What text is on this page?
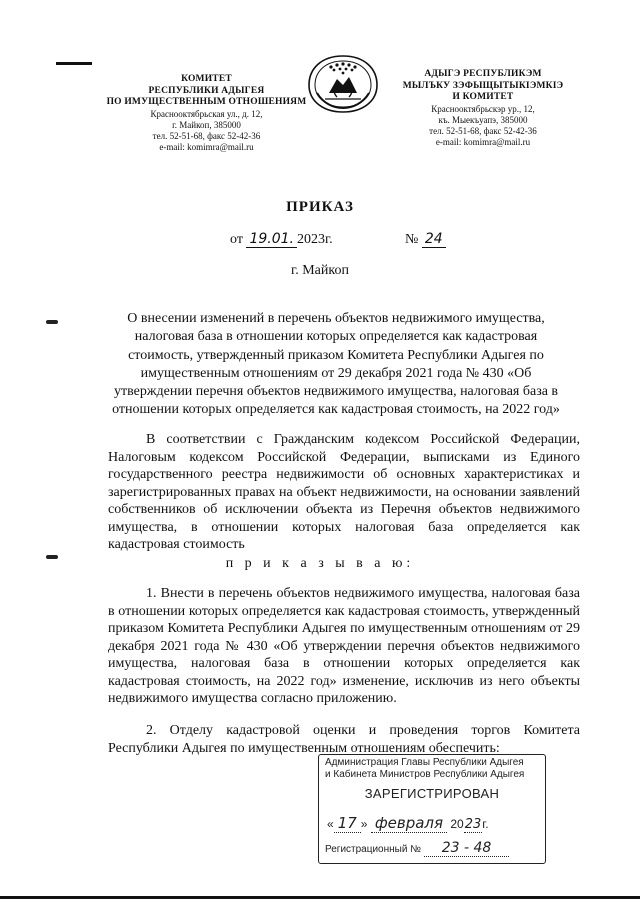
КОМИТЕТ
РЕСПУБЛИКИ АДЫГЕЯ
ПО ИМУЩЕСТВЕННЫМ ОТНОШЕНИЯМ
Краснооктябрьская ул., д. 12,
г. Майкоп, 385000
тел. 52-51-68, факс 52-42-36
e-mail: komimra@mail.ru
АДЫГЭ РЕСПУБЛИКЭМ
МЫЛЪКУ ЗЭФЫЩЫТЫКІЭМКІЭ
И КОМИТЕТ
Краснооктябрьскэр ур., 12,
къ. Мыекъуапэ, 385000
тел. 52-51-68, факс 52-42-36
e-mail: komimra@mail.ru
ПРИКАЗ
от 19.01. 2023г.	№ 24
г. Майкоп
О внесении изменений в перечень объектов недвижимого имущества, налоговая база в отношении которых определяется как кадастровая стоимость, утвержденный приказом Комитета Республики Адыгея по имущественным отношениям от 29 декабря 2021 года № 430 «Об утверждении перечня объектов недвижимого имущества, налоговая база в отношении которых определяется как кадастровая стоимость, на 2022 год»
В соответствии с Гражданским кодексом Российской Федерации, Налоговым кодексом Российской Федерации, выписками из Единого государственного реестра недвижимости об основных характеристиках и зарегистрированных правах на объект недвижимости, на основании заявлений собственников об исключении объекта из Перечня объектов недвижимого имущества, в отношении которых налоговая база определяется как кадастровая стоимость
п р и к а з ы в а ю:
1. Внести в перечень объектов недвижимого имущества, налоговая база в отношении которых определяется как кадастровая стоимость, утвержденный приказом Комитета Республики Адыгея по имущественным отношениям от 29 декабря 2021 года № 430 «Об утверждении перечня объектов недвижимого имущества, налоговая база в отношении которых определяется как кадастровая стоимость, на 2022 год» изменение, исключив из него объекты недвижимого имущества согласно приложению.
2. Отделу кадастровой оценки и проведения торгов Комитета Республики Адыгея по имущественным отношениям обеспечить:
Администрация Главы Республики Адыгея
и Кабинета Министров Республики Адыгея
ЗАРЕГИСТРИРОВАН
« 17 » февраля 2023г.
Регистрационный № 23 - 48
